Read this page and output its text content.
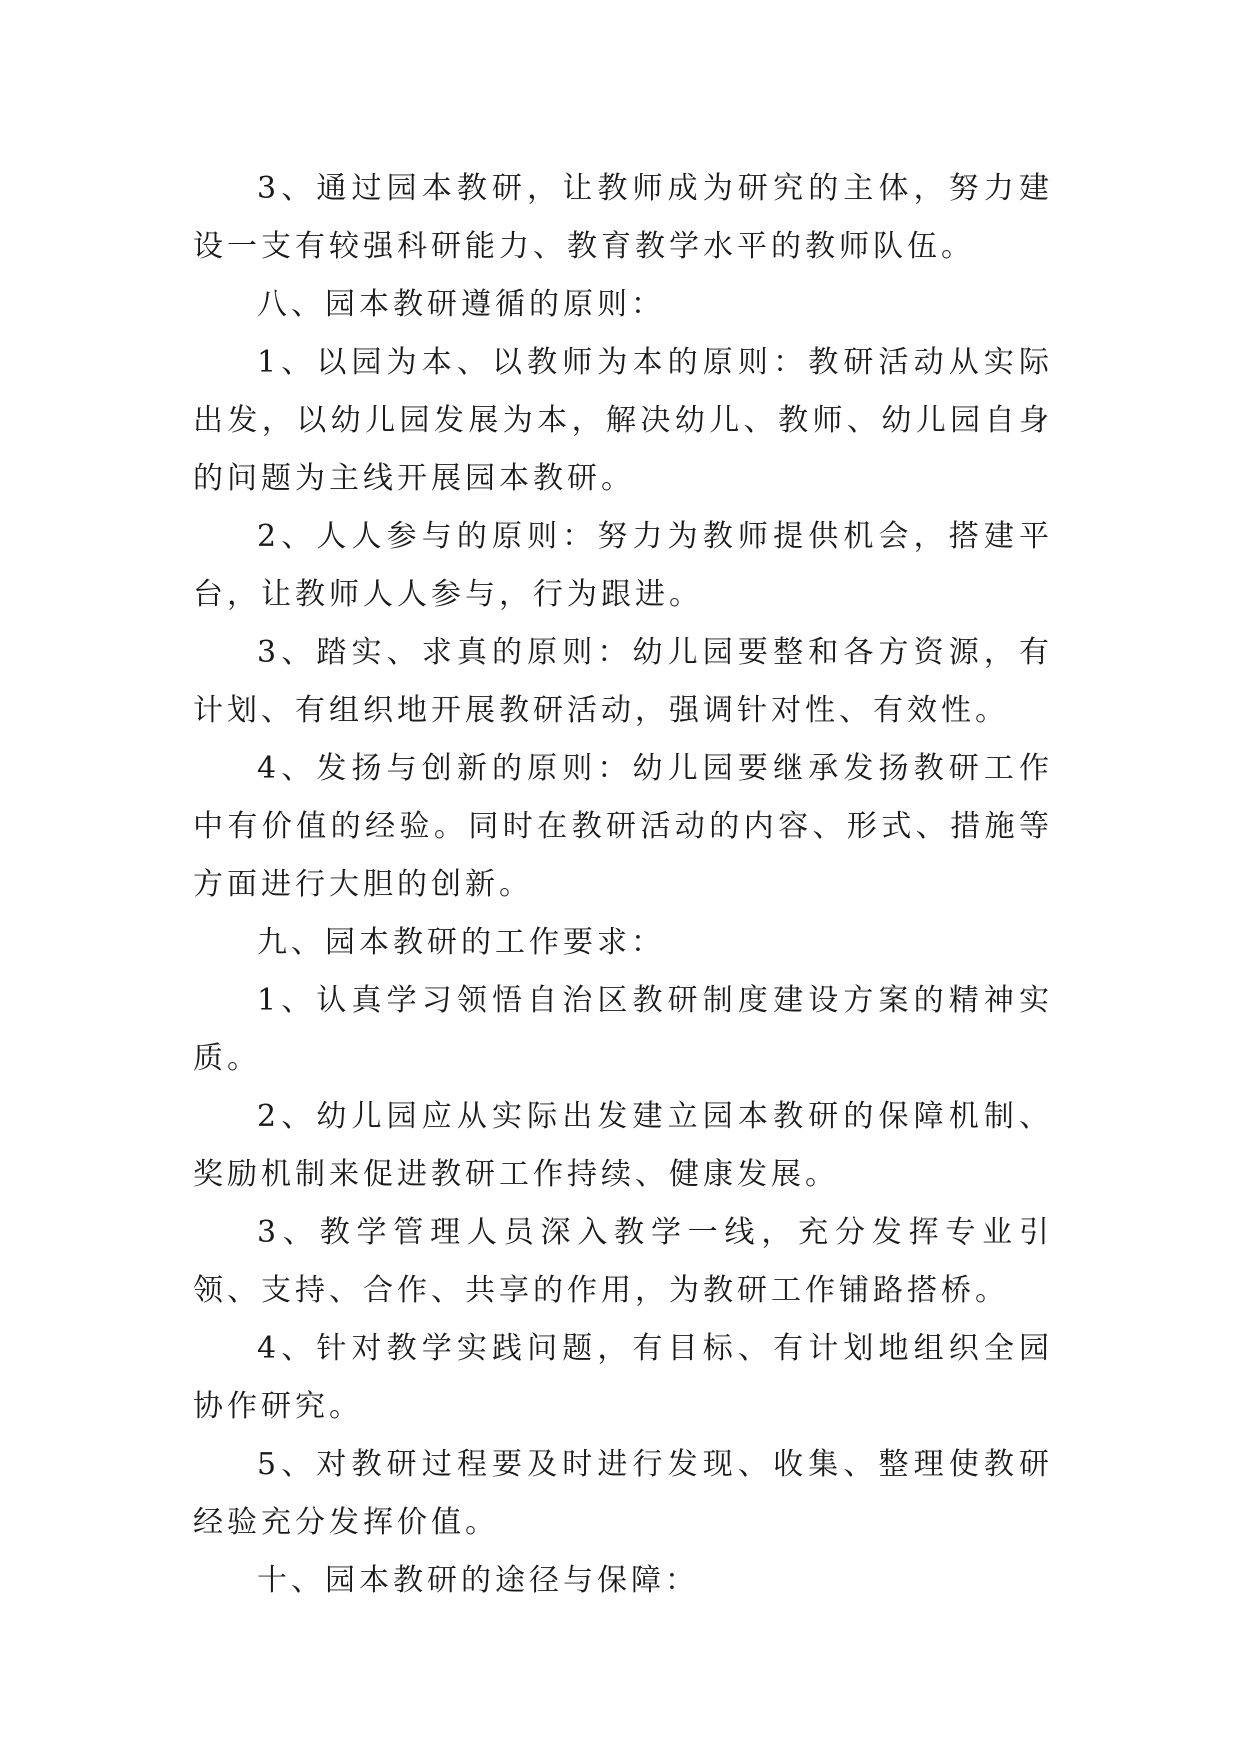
3、通过园本教研，让教师成为研究的主体，努力建设一支有较强科研能力、教育教学水平的教师队伍。

八、园本教研遵循的原则：

1、以园为本、以教师为本的原则：教研活动从实际出发，以幼儿园发展为本，解决幼儿、教师、幼儿园自身的问题为主线开展园本教研。

2、人人参与的原则：努力为教师提供机会，搭建平台，让教师人人参与，行为跟进。

3、踏实、求真的原则：幼儿园要整和各方资源，有计划、有组织地开展教研活动，强调针对性、有效性。

4、发扬与创新的原则：幼儿园要继承发扬教研工作中有价值的经验。同时在教研活动的内容、形式、措施等方面进行大胆的创新。

九、园本教研的工作要求：

1、认真学习领悟自治区教研制度建设方案的精神实质。

2、幼儿园应从实际出发建立园本教研的保障机制、奖励机制来促进教研工作持续、健康发展。

3、教学管理人员深入教学一线，充分发挥专业引领、支持、合作、共享的作用，为教研工作铺路搭桥。

4、针对教学实践问题，有目标、有计划地组织全园协作研究。

5、对教研过程要及时进行发现、收集、整理使教研经验充分发挥价值。

十、园本教研的途径与保障：
